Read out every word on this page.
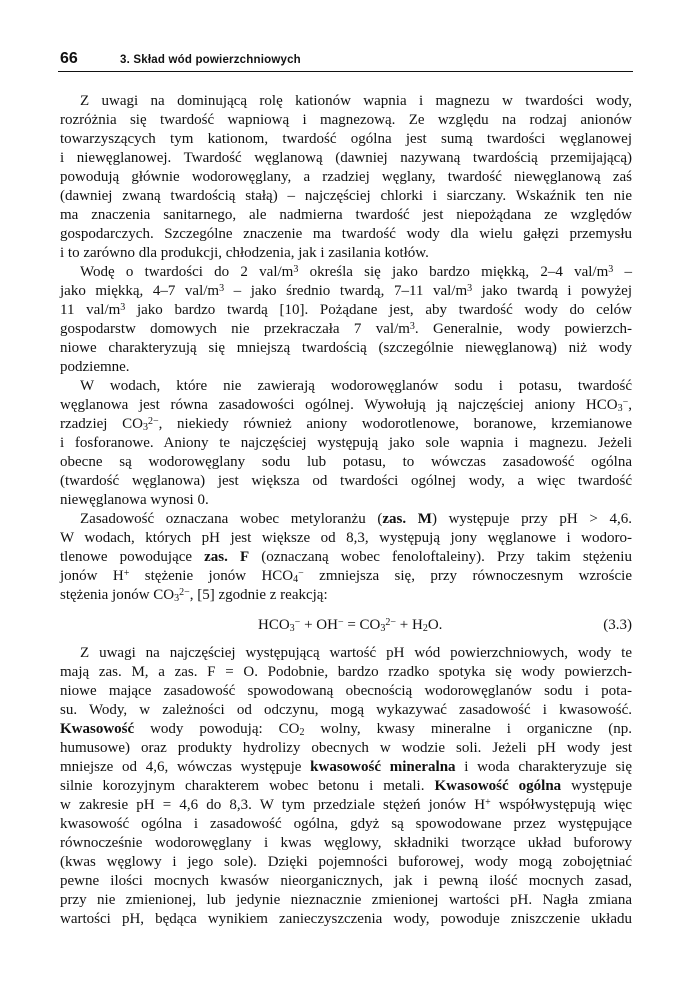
66	3. Skład wód powierzchniowych
Z uwagi na dominującą rolę kationów wapnia i magnezu w twardości wody,
rozróżnia się twardość wapniową i magnezową. Ze względu na rodzaj anionów
towarzyszących tym kationom, twardość ogólna jest sumą twardości węglanowej
i niewęglanowej. Twardość węglanową (dawniej nazywaną twardością przemijającą)
powodują głównie wodorowęglany, a rzadziej węglany, twardość niewęglanową zaś
(dawniej zwaną twardością stałą) – najczęściej chlorki i siarczany. Wskaźnik ten nie
ma znaczenia sanitarnego, ale nadmierna twardość jest niepożądana ze względów
gospodarczych. Szczególne znaczenie ma twardość wody dla wielu gałęzi przemysłu
i to zarówno dla produkcji, chłodzenia, jak i zasilania kotłów.
Wodę o twardości do 2 val/$m^3$ określa się jako bardzo miękką, 2–4 val/$m^3$ –
jako miękką, 4–7 val/$m^3$ – jako średnio twardą, 7–11 val/$m^3$ jako twardą i powyżej
11 val/$m^3$ jako bardzo twardą [10]. Pożądane jest, aby twardość wody do celów
gospodarstw domowych nie przekraczała 7 val/$m^3$. Generalnie, wody powierzch-
niowe charakteryzują się mniejszą twardością (szczególnie niewęglanową) niż wody
podziemne.
W wodach, które nie zawierają wodorowęglanów sodu i potasu, twardość
węglanowa jest równa zasadowości ogólnej. Wywołują ją najczęściej aniony $HCO_3^-$,
rzadziej $CO_3^{2-}$, niekiedy również aniony wodorotlenowe, boranowe, krzemianowe
i fosforanowe. Aniony te najczęściej występują jako sole wapnia i magnezu. Jeżeli
obecne są wodorowęglany sodu lub potasu, to wówczas zasadowość ogólna
(twardość węglanowa) jest większa od twardości ogólnej wody, a więc twardość
niewęglanowa wynosi 0.
Zasadowość oznaczana wobec metyloranżu (zas. M) występuje przy pH > 4,6.
W wodach, których pH jest większe od 8,3, występują jony węglanowe i wodoro-
tlenowe powodujące zas. F (oznaczaną wobec fenoloftaleiny). Przy takim stężeniu
jonów H+ stężenie jonów $HCO_4^-$ zmniejsza się, przy równoczesnym wzroście
stężenia jonów $CO_3^{2-}$, [5] zgodnie z reakcją:
$HCO_3^- + OH^- = CO_3^{2-} + H_2O$.	(3.3)
Z uwagi na najczęściej występującą wartość pH wód powierzchniowych, wody te
mają zas. M, a zas. F = O. Podobnie, bardzo rzadko spotyka się wody powierzch-
niowe mające zasadowość spowodowaną obecnością wodorowęglanów sodu i pota-
su. Wody, w zależności od odczynu, mogą wykazywać zasadowość i kwasowość.
Kwasowość wody powodują: $CO_2$ wolny, kwasy mineralne i organiczne (np.
humusowe) oraz produkty hydrolizy obecnych w wodzie soli. Jeżeli pH wody jest
mniejsze od 4,6, wówczas występuje kwasowość mineralna i woda charakteryzuje się
silnie korozyjnym charakterem wobec betonu i metali. Kwasowość ogólna występuje
w zakresie pH = 4,6 do 8,3. W tym przedziale stężeń jonów H+ współwystępują więc
kwasowość ogólna i zasadowość ogólna, gdyż są spowodowane przez występujące
równocześnie wodorowęglany i kwas węglowy, składniki tworzące układ buforowy
(kwas węglowy i jego sole). Dzięki pojemności buforowej, wody mogą zobojętniać
pewne ilości mocnych kwasów nieorganicznych, jak i pewną ilość mocnych zasad,
przy nie zmienionej, lub jedynie nieznacznie zmienionej wartości pH. Nagła zmiana
wartości pH, będąca wynikiem zanieczyszczenia wody, powoduje zniszczenie układu
